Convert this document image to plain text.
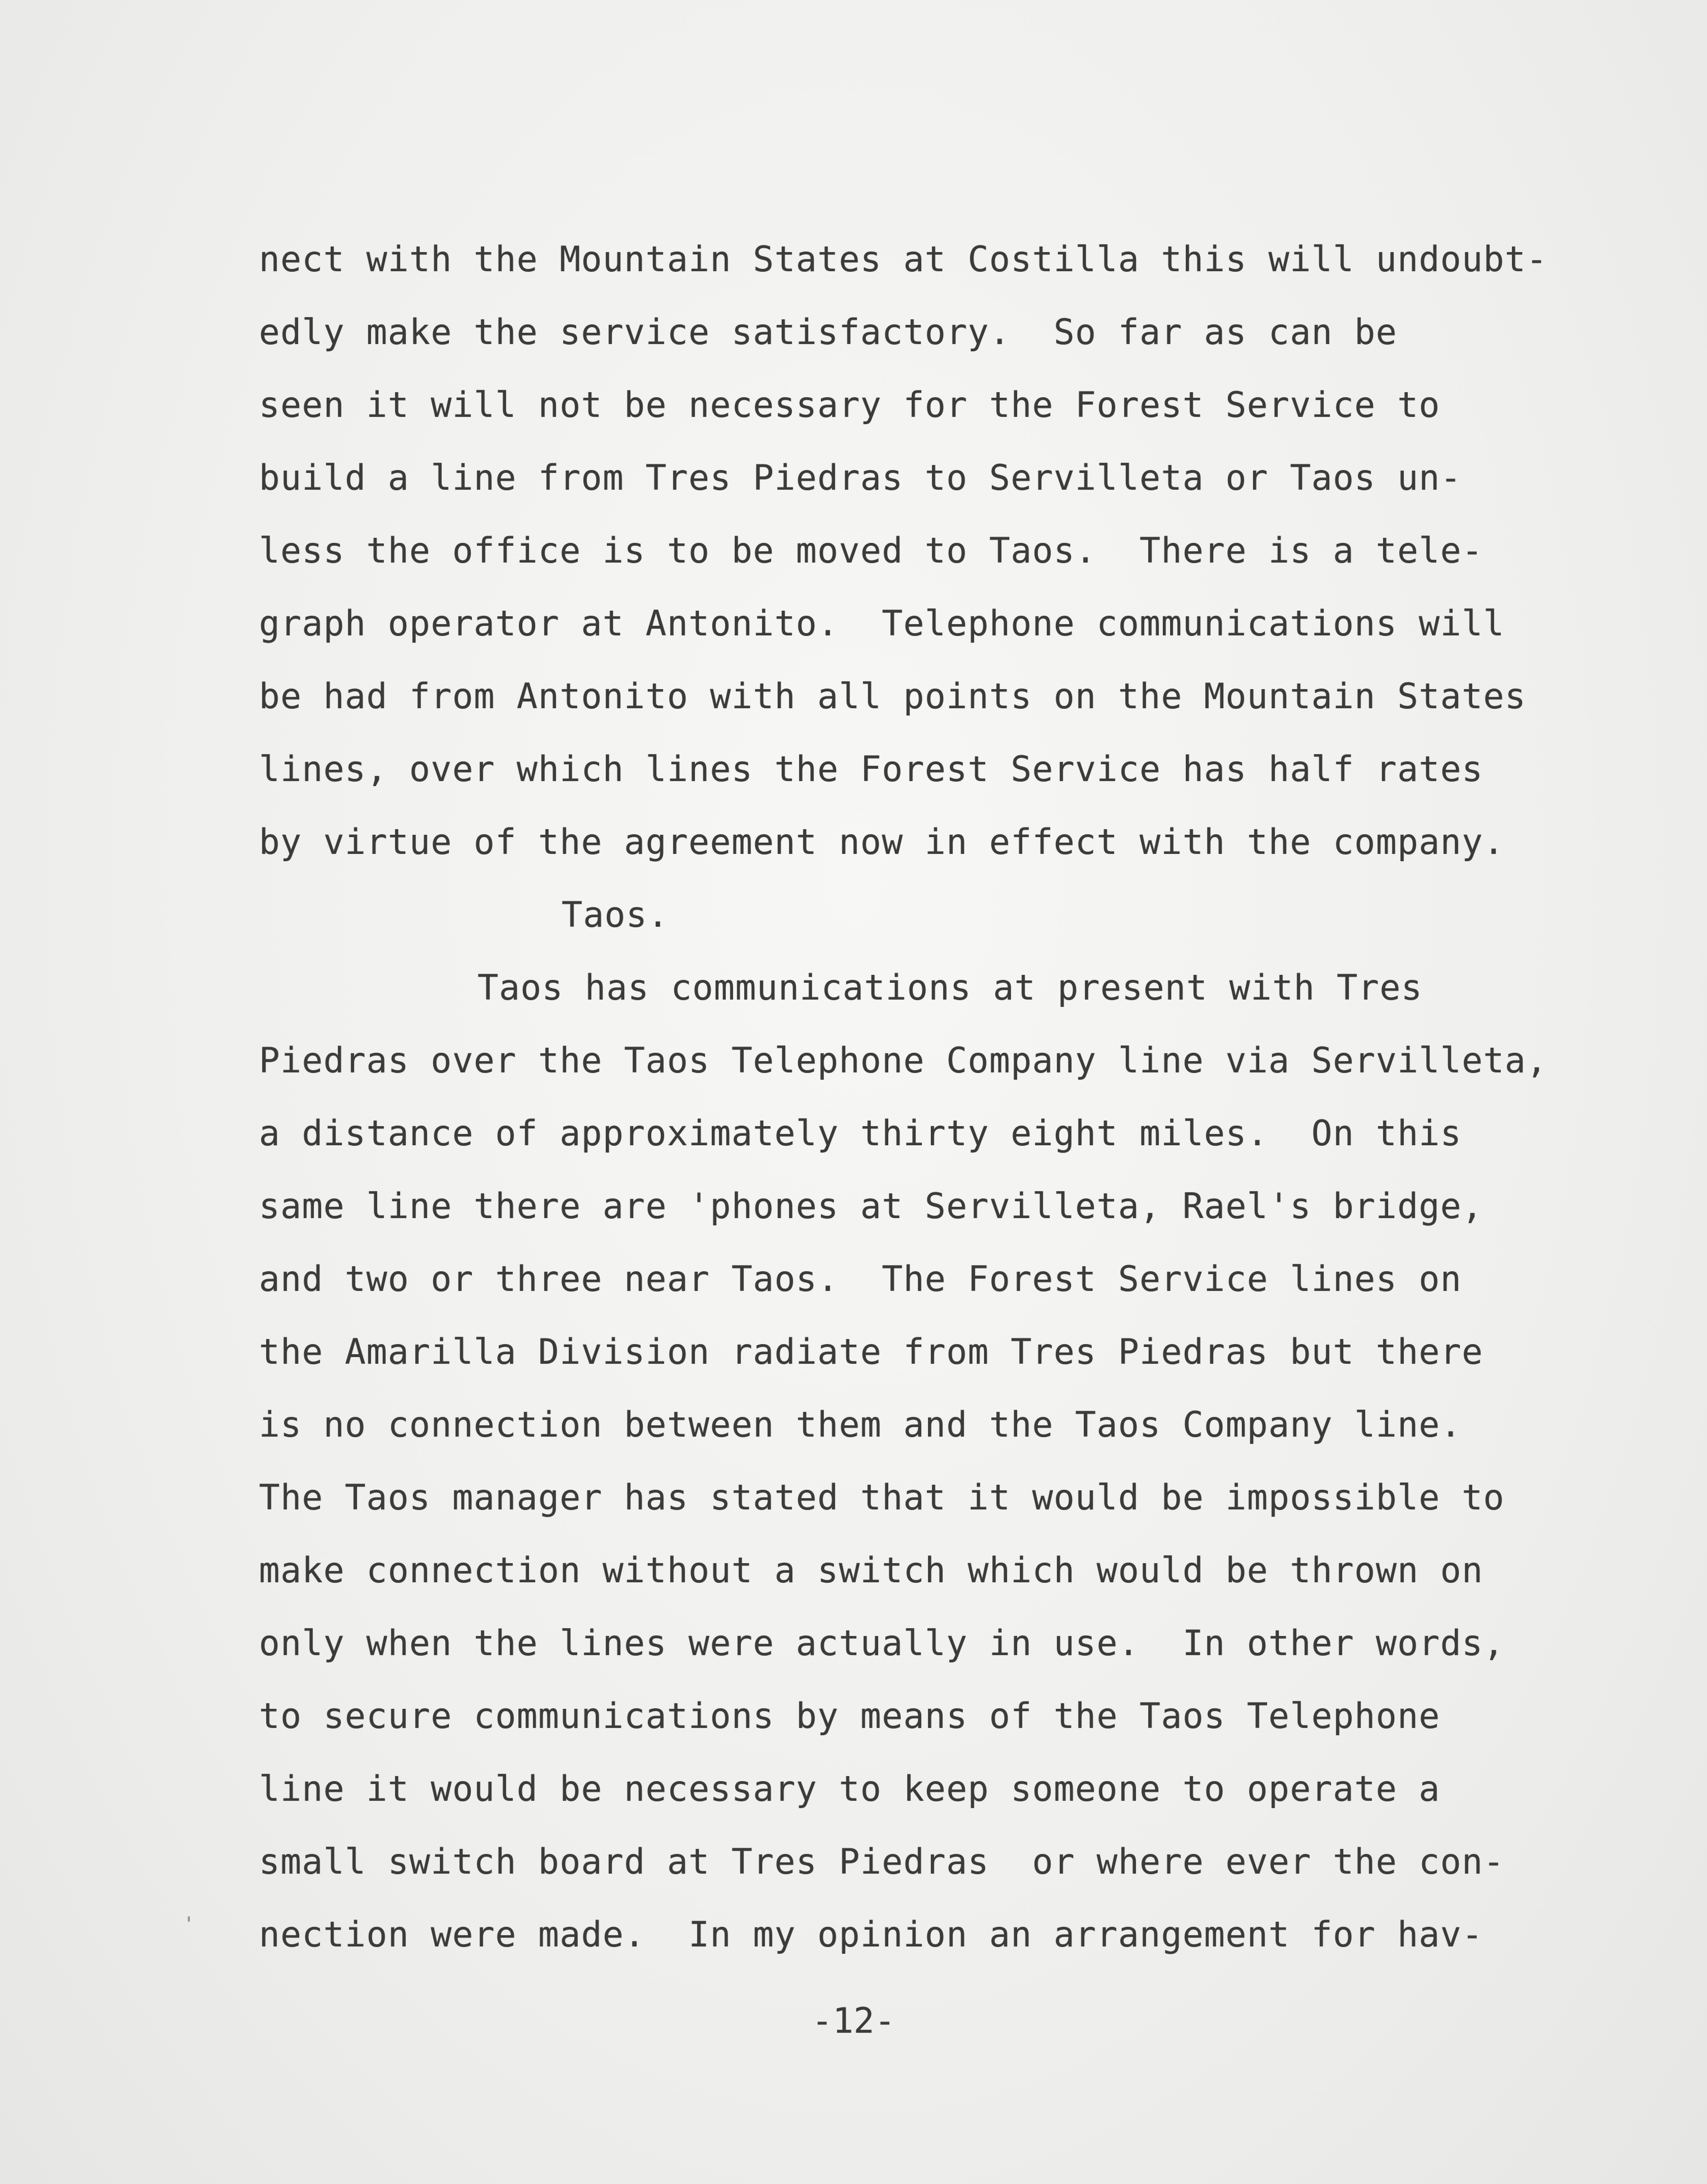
nect with the Mountain States at Costilla this will undoubt-
edly make the service satisfactory.  So far as can be
seen it will not be necessary for the Forest Service to
build a line from Tres Piedras to Servilleta or Taos un-
less the office is to be moved to Taos.  There is a tele-
graph operator at Antonito.  Telephone communications will
be had from Antonito with all points on the Mountain States
lines, over which lines the Forest Service has half rates
by virtue of the agreement now in effect with the company.
Taos.
Taos has communications at present with Tres
Piedras over the Taos Telephone Company line via Servilleta,
a distance of approximately thirty eight miles.  On this
same line there are 'phones at Servilleta, Rael's bridge,
and two or three near Taos.  The Forest Service lines on
the Amarilla Division radiate from Tres Piedras but there
is no connection between them and the Taos Company line.
The Taos manager has stated that it would be impossible to
make connection without a switch which would be thrown on
only when the lines were actually in use.  In other words,
to secure communications by means of the Taos Telephone
line it would be necessary to keep someone to operate a
small switch board at Tres Piedras  or where ever the con-
nection were made.  In my opinion an arrangement for hav-
-12-
